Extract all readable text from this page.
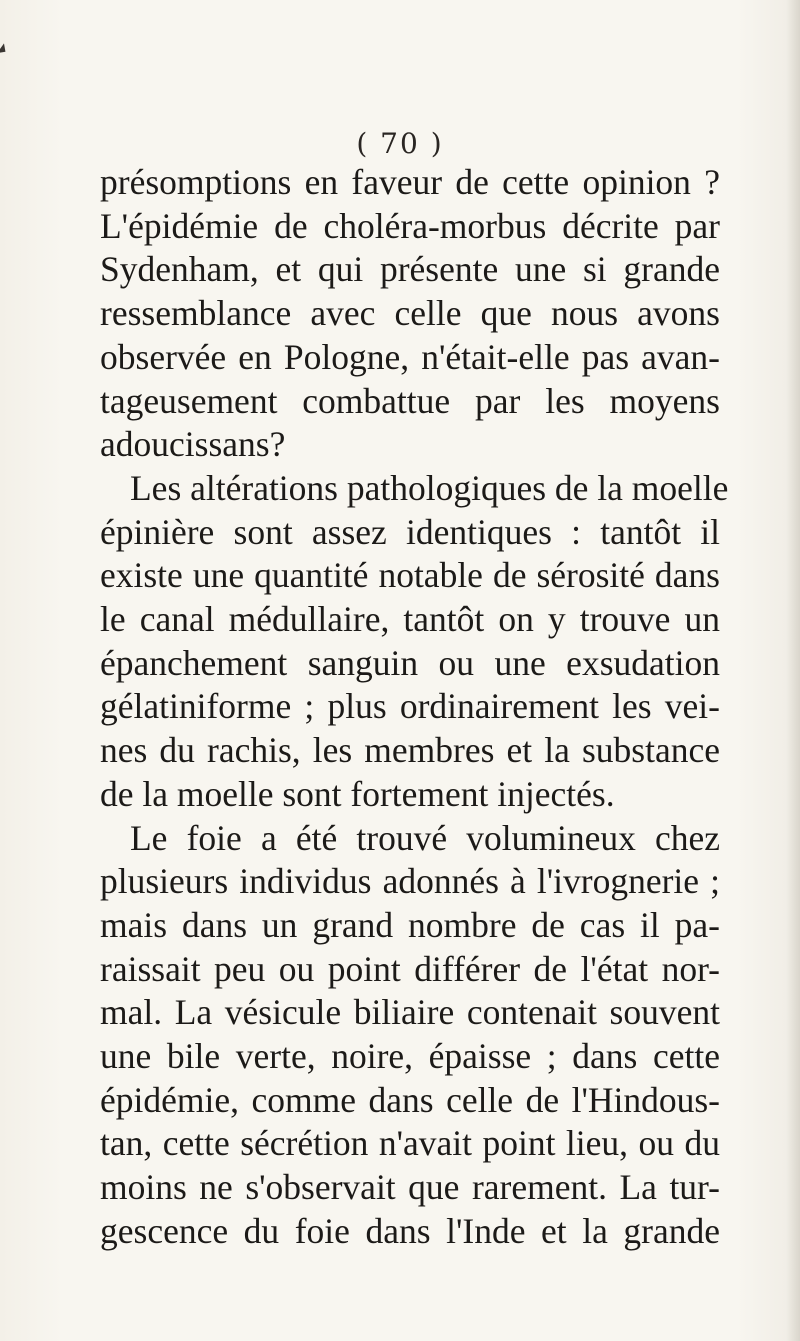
( 70 )
présomptions en faveur de cette opinion ?
L'épidémie de choléra-morbus décrite par
Sydenham, et qui présente une si grande
ressemblance avec celle que nous avons
observée en Pologne, n'était-elle pas avan-
tageusement combattue par les moyens
adoucissans?
Les altérations pathologiques de la moelle
épinière sont assez identiques : tantôt il
existe une quantité notable de sérosité dans
le canal médullaire, tantôt on y trouve un
épanchement sanguin ou une exsudation
gélatiniforme ; plus ordinairement les vei-
nes du rachis, les membres et la substance
de la moelle sont fortement injectés.
Le foie a été trouvé volumineux chez
plusieurs individus adonnés à l'ivrognerie ;
mais dans un grand nombre de cas il pa-
raissait peu ou point différer de l'état nor-
mal. La vésicule biliaire contenait souvent
une bile verte, noire, épaisse ; dans cette
épidémie, comme dans celle de l'Hindous-
tan, cette sécrétion n'avait point lieu, ou du
moins ne s'observait que rarement. La tur-
gescence du foie dans l'Inde et la grande
